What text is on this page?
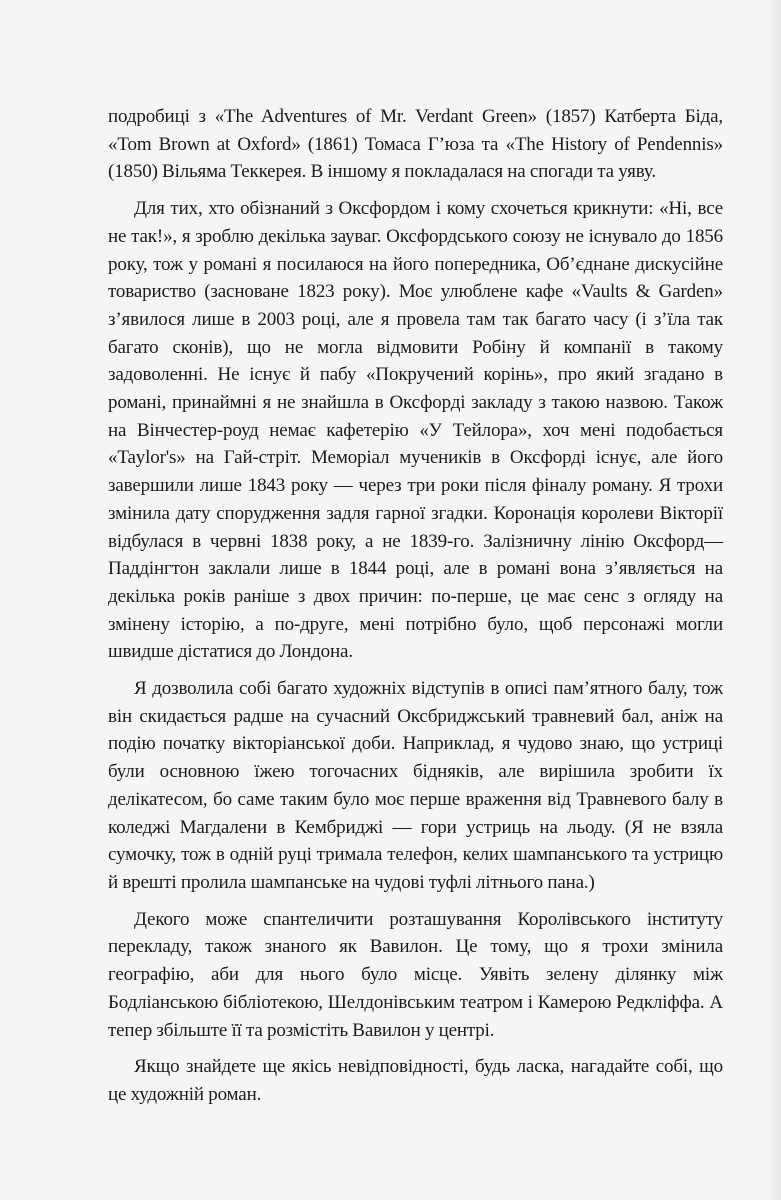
подробиці з «The Adventures of Mr. Verdant Green» (1857) Катберта Біда, «Tom Brown at Oxford» (1861) Томаса Гʼюза та «The History of Pendennis» (1850) Вільяма Теккерея. В іншому я покладалася на спогади та уяву.

Для тих, хто обізнаний з Оксфордом і кому схочеться крикнути: «Ні, все не так!», я зроблю декілька зауваг. Оксфордського союзу не існувало до 1856 року, тож у романі я посилаюся на його попередника, Обʼєднане дискусійне товариство (засноване 1823 року). Моє улюблене кафе «Vaults & Garden» зʼявилося лише в 2003 році, але я провела там так багато часу (і зʼїла так багато сконів), що не могла відмовити Робіну й компанії в такому задоволенні. Не існує й пабу «Покручений корінь», про який згадано в романі, принаймні я не знайшла в Оксфорді закладу з такою назвою. Також на Вінчестер-роуд немає кафетерію «У Тейлора», хоч мені подобається «Taylor's» на Гай-стріт. Меморіал мучеників в Оксфорді існує, але його завершили лише 1843 року — через три роки після фіналу роману. Я трохи змінила дату спорудження задля гарної згадки. Коронація королеви Вікторії відбулася в червні 1838 року, а не 1839-го. Залізничну лінію Оксфорд—Паддінгтон заклали лише в 1844 році, але в романі вона зʼявляється на декілька років раніше з двох причин: по-перше, це має сенс з огляду на змінену історію, а по-друге, мені потрібно було, щоб персонажі могли швидше дістатися до Лондона.

Я дозволила собі багато художніх відступів в описі памʼятного балу, тож він скидається радше на сучасний Оксбриджський травневий бал, аніж на подію початку вікторіанської доби. Наприклад, я чудово знаю, що устриці були основною їжею тогочасних бідняків, але вирішила зробити їх делікатесом, бо саме таким було моє перше враження від Травневого балу в коледжі Магдалени в Кембриджі — гори устриць на льоду. (Я не взяла сумочку, тож в одній руці тримала телефон, келих шампанського та устрицю й врешті пролила шампанське на чудові туфлі літнього пана.)

Декого може спантеличити розташування Королівського інституту перекладу, також знаного як Вавилон. Це тому, що я трохи змінила географію, аби для нього було місце. Уявіть зелену ділянку між Бодліанською бібліотекою, Шелдонівським театром і Камерою Редкліффа. А тепер збільште її та розмістіть Вавилон у центрі.

Якщо знайдете ще якісь невідповідності, будь ласка, нагадайте собі, що це художній роман.
